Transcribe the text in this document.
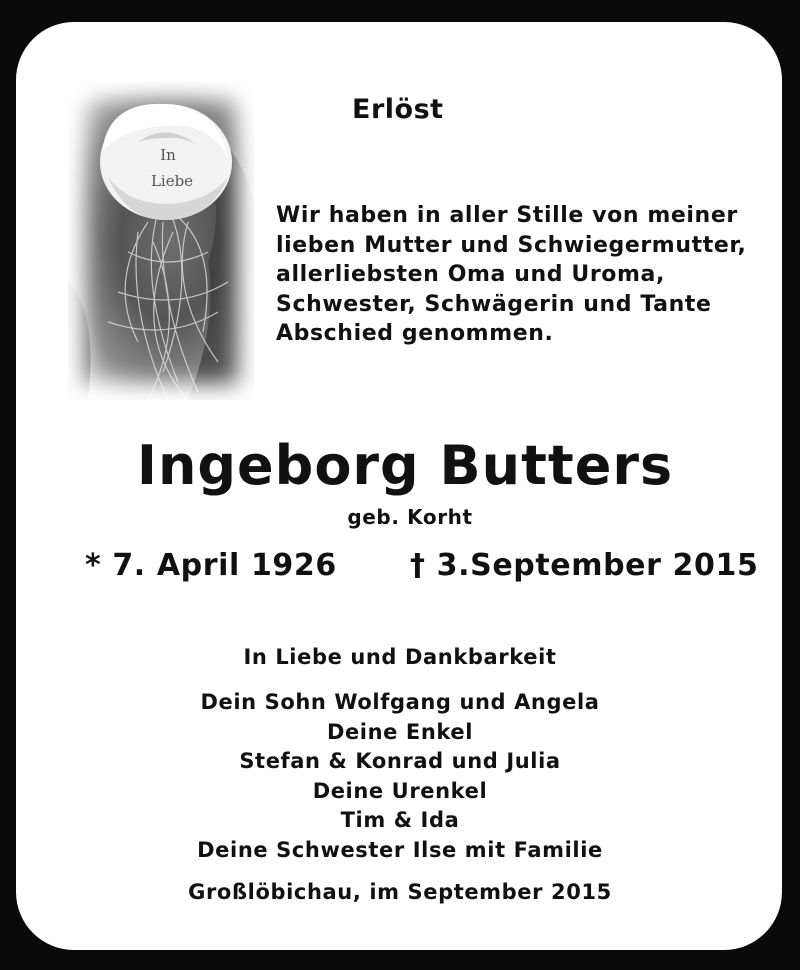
In
Liebe
Erlöst
Wir haben in aller Stille von meiner
lieben Mutter und Schwiegermutter,
allerliebsten Oma und Uroma,
Schwester, Schwägerin und Tante
Abschied genommen.
Ingeborg Butters
geb. Korht
* 7. April 1926 † 3.September 2015
In Liebe und Dankbarkeit
Dein Sohn Wolfgang und Angela
Deine Enkel
Stefan & Konrad und Julia
Deine Urenkel
Tim & Ida
Deine Schwester Ilse mit Familie
Großlöbichau, im September 2015
